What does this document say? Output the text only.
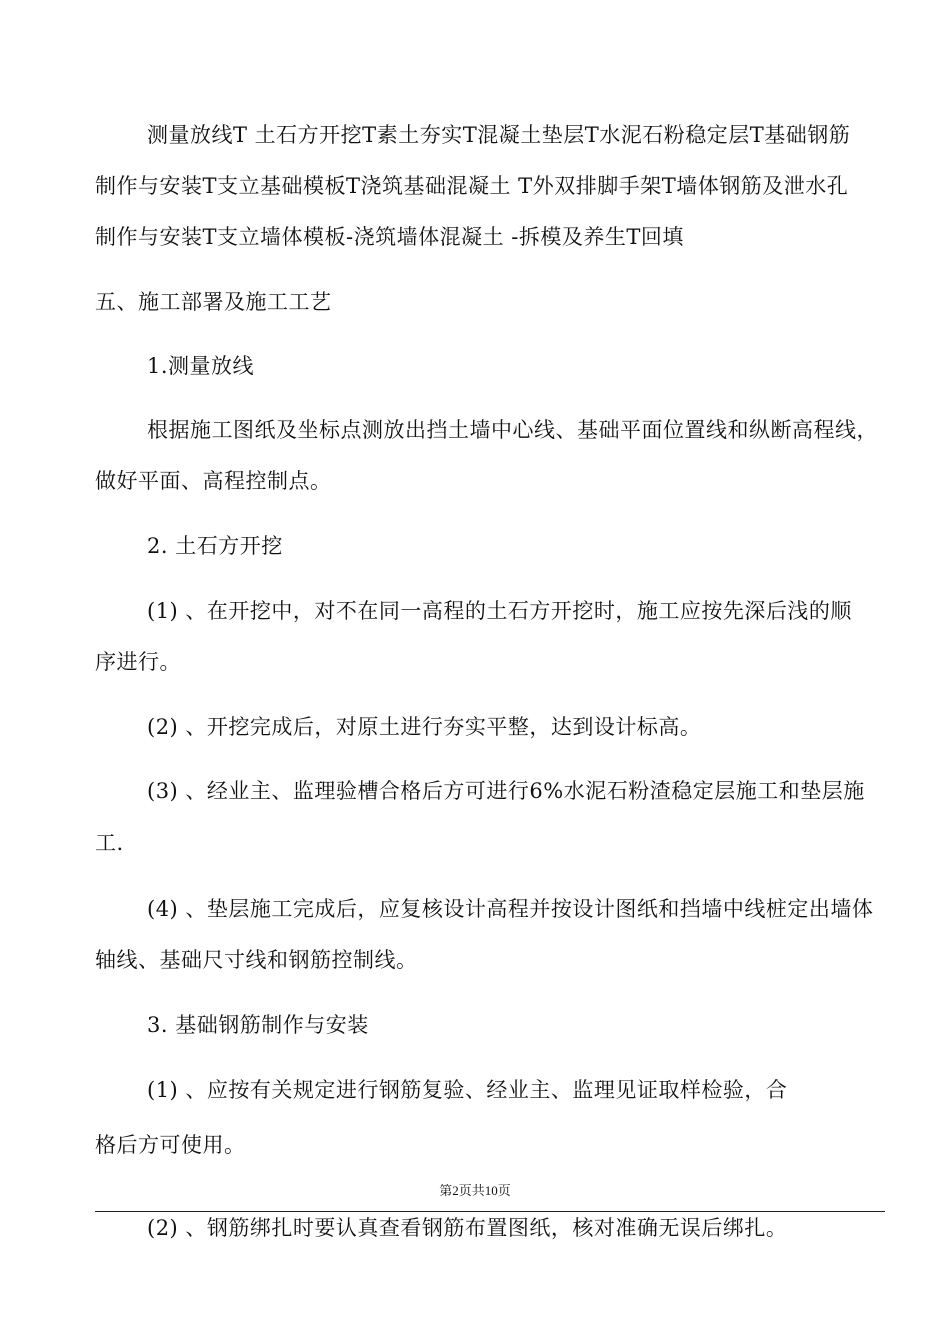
测量放线T 土石方开挖T素土夯实T混凝土垫层T水泥石粉稳定层T基础钢筋
制作与安装T支立基础模板T浇筑基础混凝土 T外双排脚手架T墙体钢筋及泄水孔
制作与安装T支立墙体模板-浇筑墙体混凝土 -拆模及养生T回填
五、施工部署及施工工艺
1.测量放线
根据施工图纸及坐标点测放出挡土墙中心线、基础平面位置线和纵断高程线，
做好平面、高程控制点。
2. 土石方开挖
(1) 、在开挖中，对不在同一高程的土石方开挖时，施工应按先深后浅的顺
序进行。
(2) 、开挖完成后，对原土进行夯实平整，达到设计标高。
(3) 、经业主、监理验槽合格后方可进行6%水泥石粉渣稳定层施工和垫层施
工.
(4) 、垫层施工完成后，应复核设计高程并按设计图纸和挡墙中线桩定出墙体
轴线、基础尺寸线和钢筋控制线。
3. 基础钢筋制作与安装
(1) 、应按有关规定进行钢筋复验、经业主、监理见证取样检验，合
格后方可使用。
第2页共10页
(2) 、钢筋绑扎时要认真查看钢筋布置图纸，核对准确无误后绑扎。
